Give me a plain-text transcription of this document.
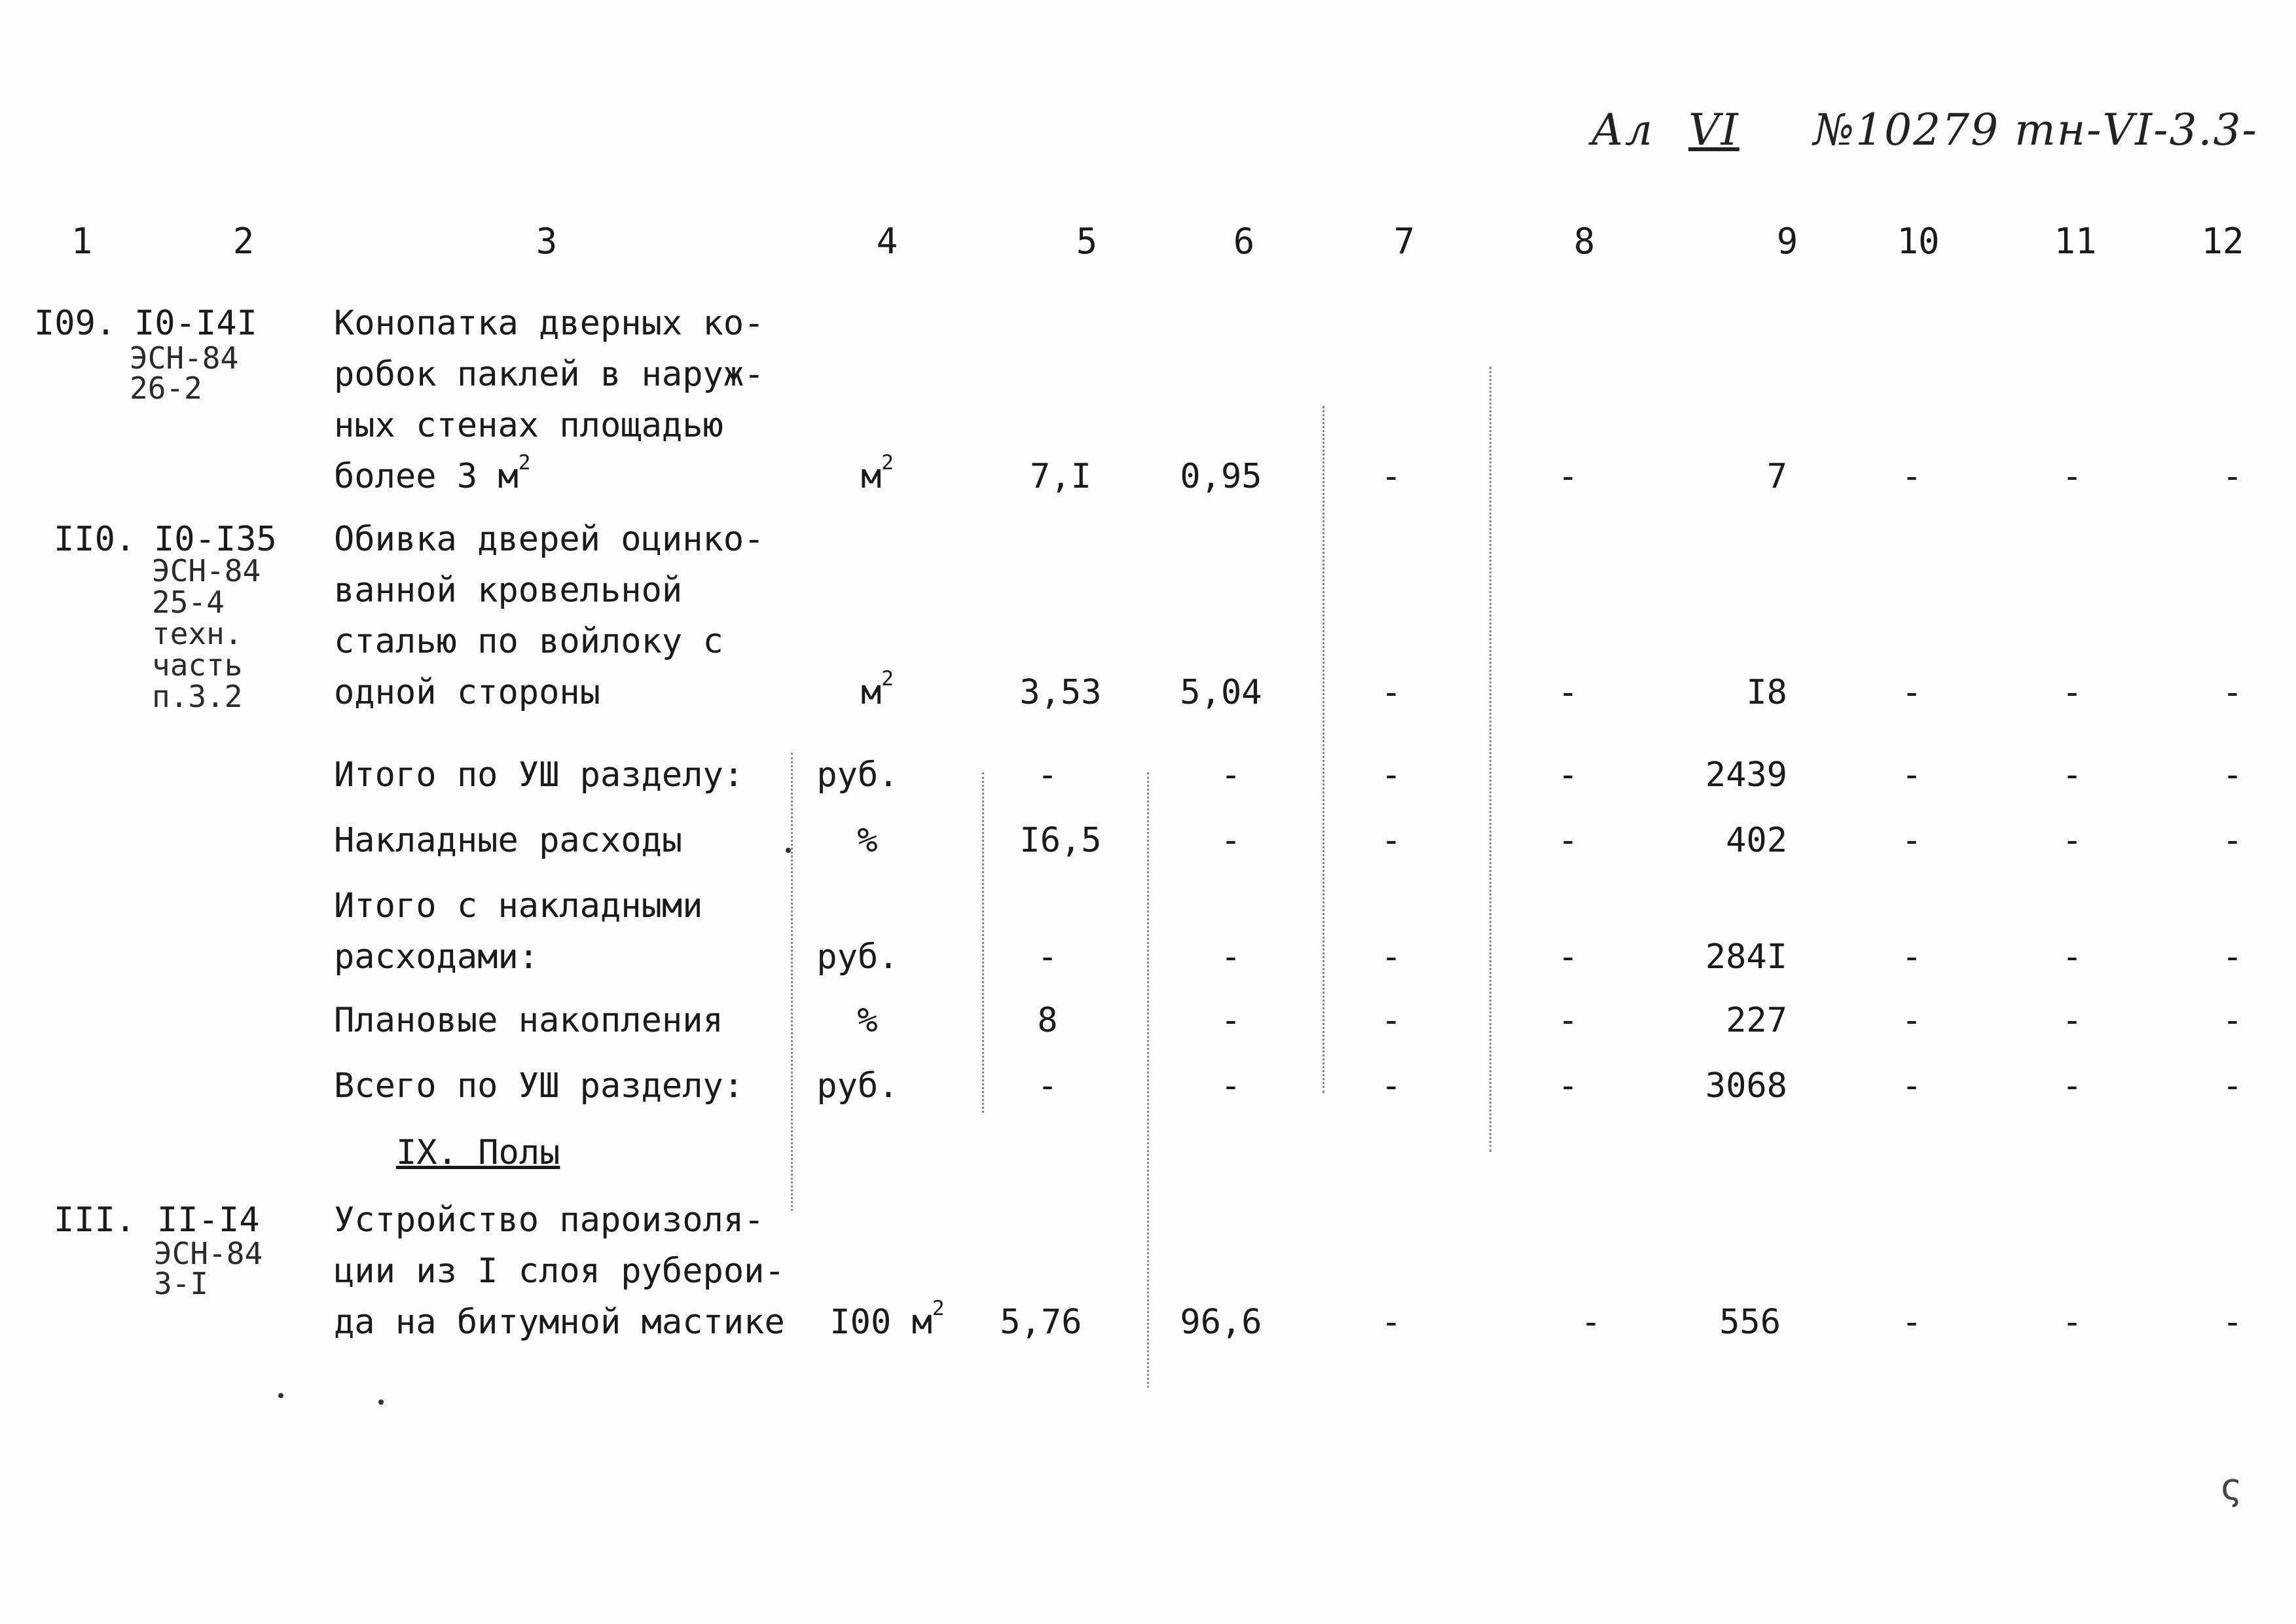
Ал VI №10279 тн-VI-3.3-
1	2	3	4	5	6	7	8	9	10	11	12
I09. I0-I4I
ЭСН-84
26-2
Конопатка дверных ко-
робок паклей в наруж-
ных стенах площадью
более 3 $м^2$	$м^2$	7,I	0,95	-	-	7	-	-	-
II0. I0-I35
ЭСН-84
25-4
техн.
часть
п.3.2
Обивка дверей оцинко-
ванной кровельной
сталью по войлоку с
одной стороны	$м^2$	3,53 5,04	-	-	I8	-	-	-
Итого по УШ разделу: руб.	-	-	-	-	2439	-	-	-
Накладные расходы	%	I6,5	-	-	-	402	-	-	-
Итого с накладными
расходами:	руб.	-	-	-	-	284I	-	-	-
Плановые накопления	%	8	-	-	-	227	-	-	-
Всего по УШ разделу: руб.	-	-	-	-	3068	-	-	-
IX. Полы
III. II-I4
ЭСН-84
3-I
Устройство пароизоля-
ции из I слоя руберои-
да на битумной мастике I00 $м^2$ 5,76	96,6	-	-	556	-	-	-
ς
